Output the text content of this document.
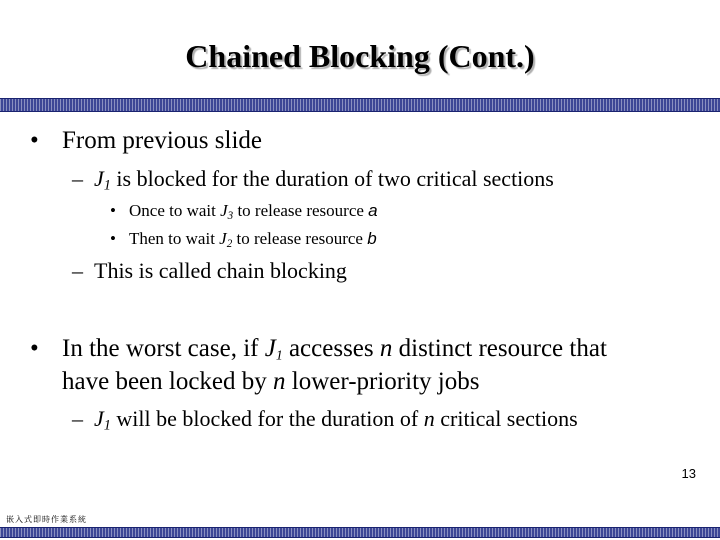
Chained Blocking (Cont.)
• From previous slide
– $J_1$ is blocked for the duration of two critical sections
• Once to wait $J_3$ to release resource a
• Then to wait $J_2$ to release resource b
– This is called chain blocking
• In the worst case, if $J_1$ accesses n distinct resource that
have been locked by n lower-priority jobs
– $J_1$ will be blocked for the duration of n critical sections
13
嵌入式即時作業系統
